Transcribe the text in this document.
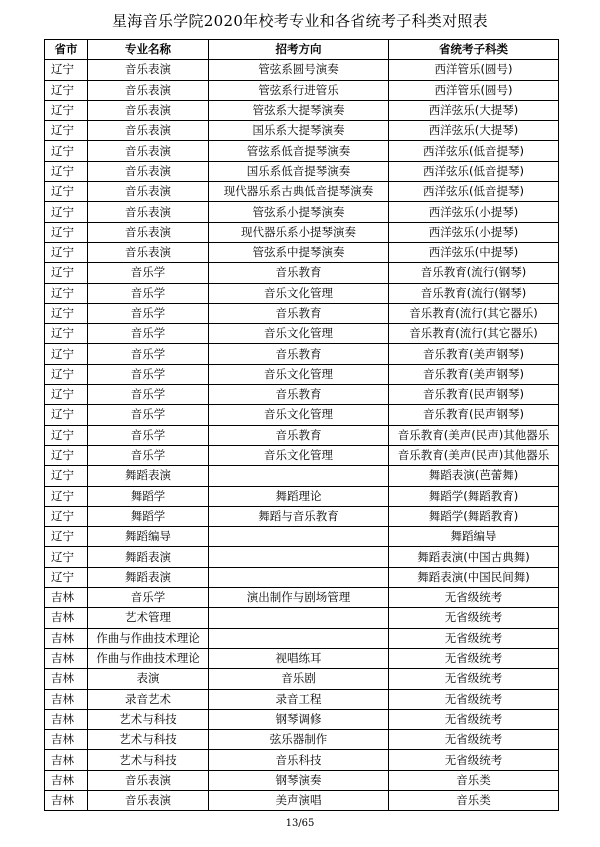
星海音乐学院2020年校考专业和各省统考子科类对照表
省市	专业名称	招考方向	省统考子科类
辽宁	音乐表演	管弦系圆号演奏	西洋管乐(圆号)
辽宁	音乐表演	管弦系行进管乐	西洋管乐(圆号)
辽宁	音乐表演	管弦系大提琴演奏	西洋弦乐(大提琴)
辽宁	音乐表演	国乐系大提琴演奏	西洋弦乐(大提琴)
辽宁	音乐表演	管弦系低音提琴演奏	西洋弦乐(低音提琴)
辽宁	音乐表演	国乐系低音提琴演奏	西洋弦乐(低音提琴)
辽宁	音乐表演	现代器乐系古典低音提琴演奏	西洋弦乐(低音提琴)
辽宁	音乐表演	管弦系小提琴演奏	西洋弦乐(小提琴)
辽宁	音乐表演	现代器乐系小提琴演奏	西洋弦乐(小提琴)
辽宁	音乐表演	管弦系中提琴演奏	西洋弦乐(中提琴)
辽宁	音乐学	音乐教育	音乐教育(流行(钢琴)
辽宁	音乐学	音乐文化管理	音乐教育(流行(钢琴)
辽宁	音乐学	音乐教育	音乐教育(流行(其它器乐)
辽宁	音乐学	音乐文化管理	音乐教育(流行(其它器乐)
辽宁	音乐学	音乐教育	音乐教育(美声钢琴)
辽宁	音乐学	音乐文化管理	音乐教育(美声钢琴)
辽宁	音乐学	音乐教育	音乐教育(民声钢琴)
辽宁	音乐学	音乐文化管理	音乐教育(民声钢琴)
辽宁	音乐学	音乐教育	音乐教育(美声(民声)其他器乐
辽宁	音乐学	音乐文化管理	音乐教育(美声(民声)其他器乐
辽宁	舞蹈表演		舞蹈表演(芭蕾舞)
辽宁	舞蹈学	舞蹈理论	舞蹈学(舞蹈教育)
辽宁	舞蹈学	舞蹈与音乐教育	舞蹈学(舞蹈教育)
辽宁	舞蹈编导		舞蹈编导
辽宁	舞蹈表演		舞蹈表演(中国古典舞)
辽宁	舞蹈表演		舞蹈表演(中国民间舞)
吉林	音乐学	演出制作与剧场管理	无省级统考
吉林	艺术管理		无省级统考
吉林	作曲与作曲技术理论		无省级统考
吉林	作曲与作曲技术理论	视唱练耳	无省级统考
吉林	表演	音乐剧	无省级统考
吉林	录音艺术	录音工程	无省级统考
吉林	艺术与科技	钢琴调修	无省级统考
吉林	艺术与科技	弦乐器制作	无省级统考
吉林	艺术与科技	音乐科技	无省级统考
吉林	音乐表演	钢琴演奏	音乐类
吉林	音乐表演	美声演唱	音乐类
13/65
